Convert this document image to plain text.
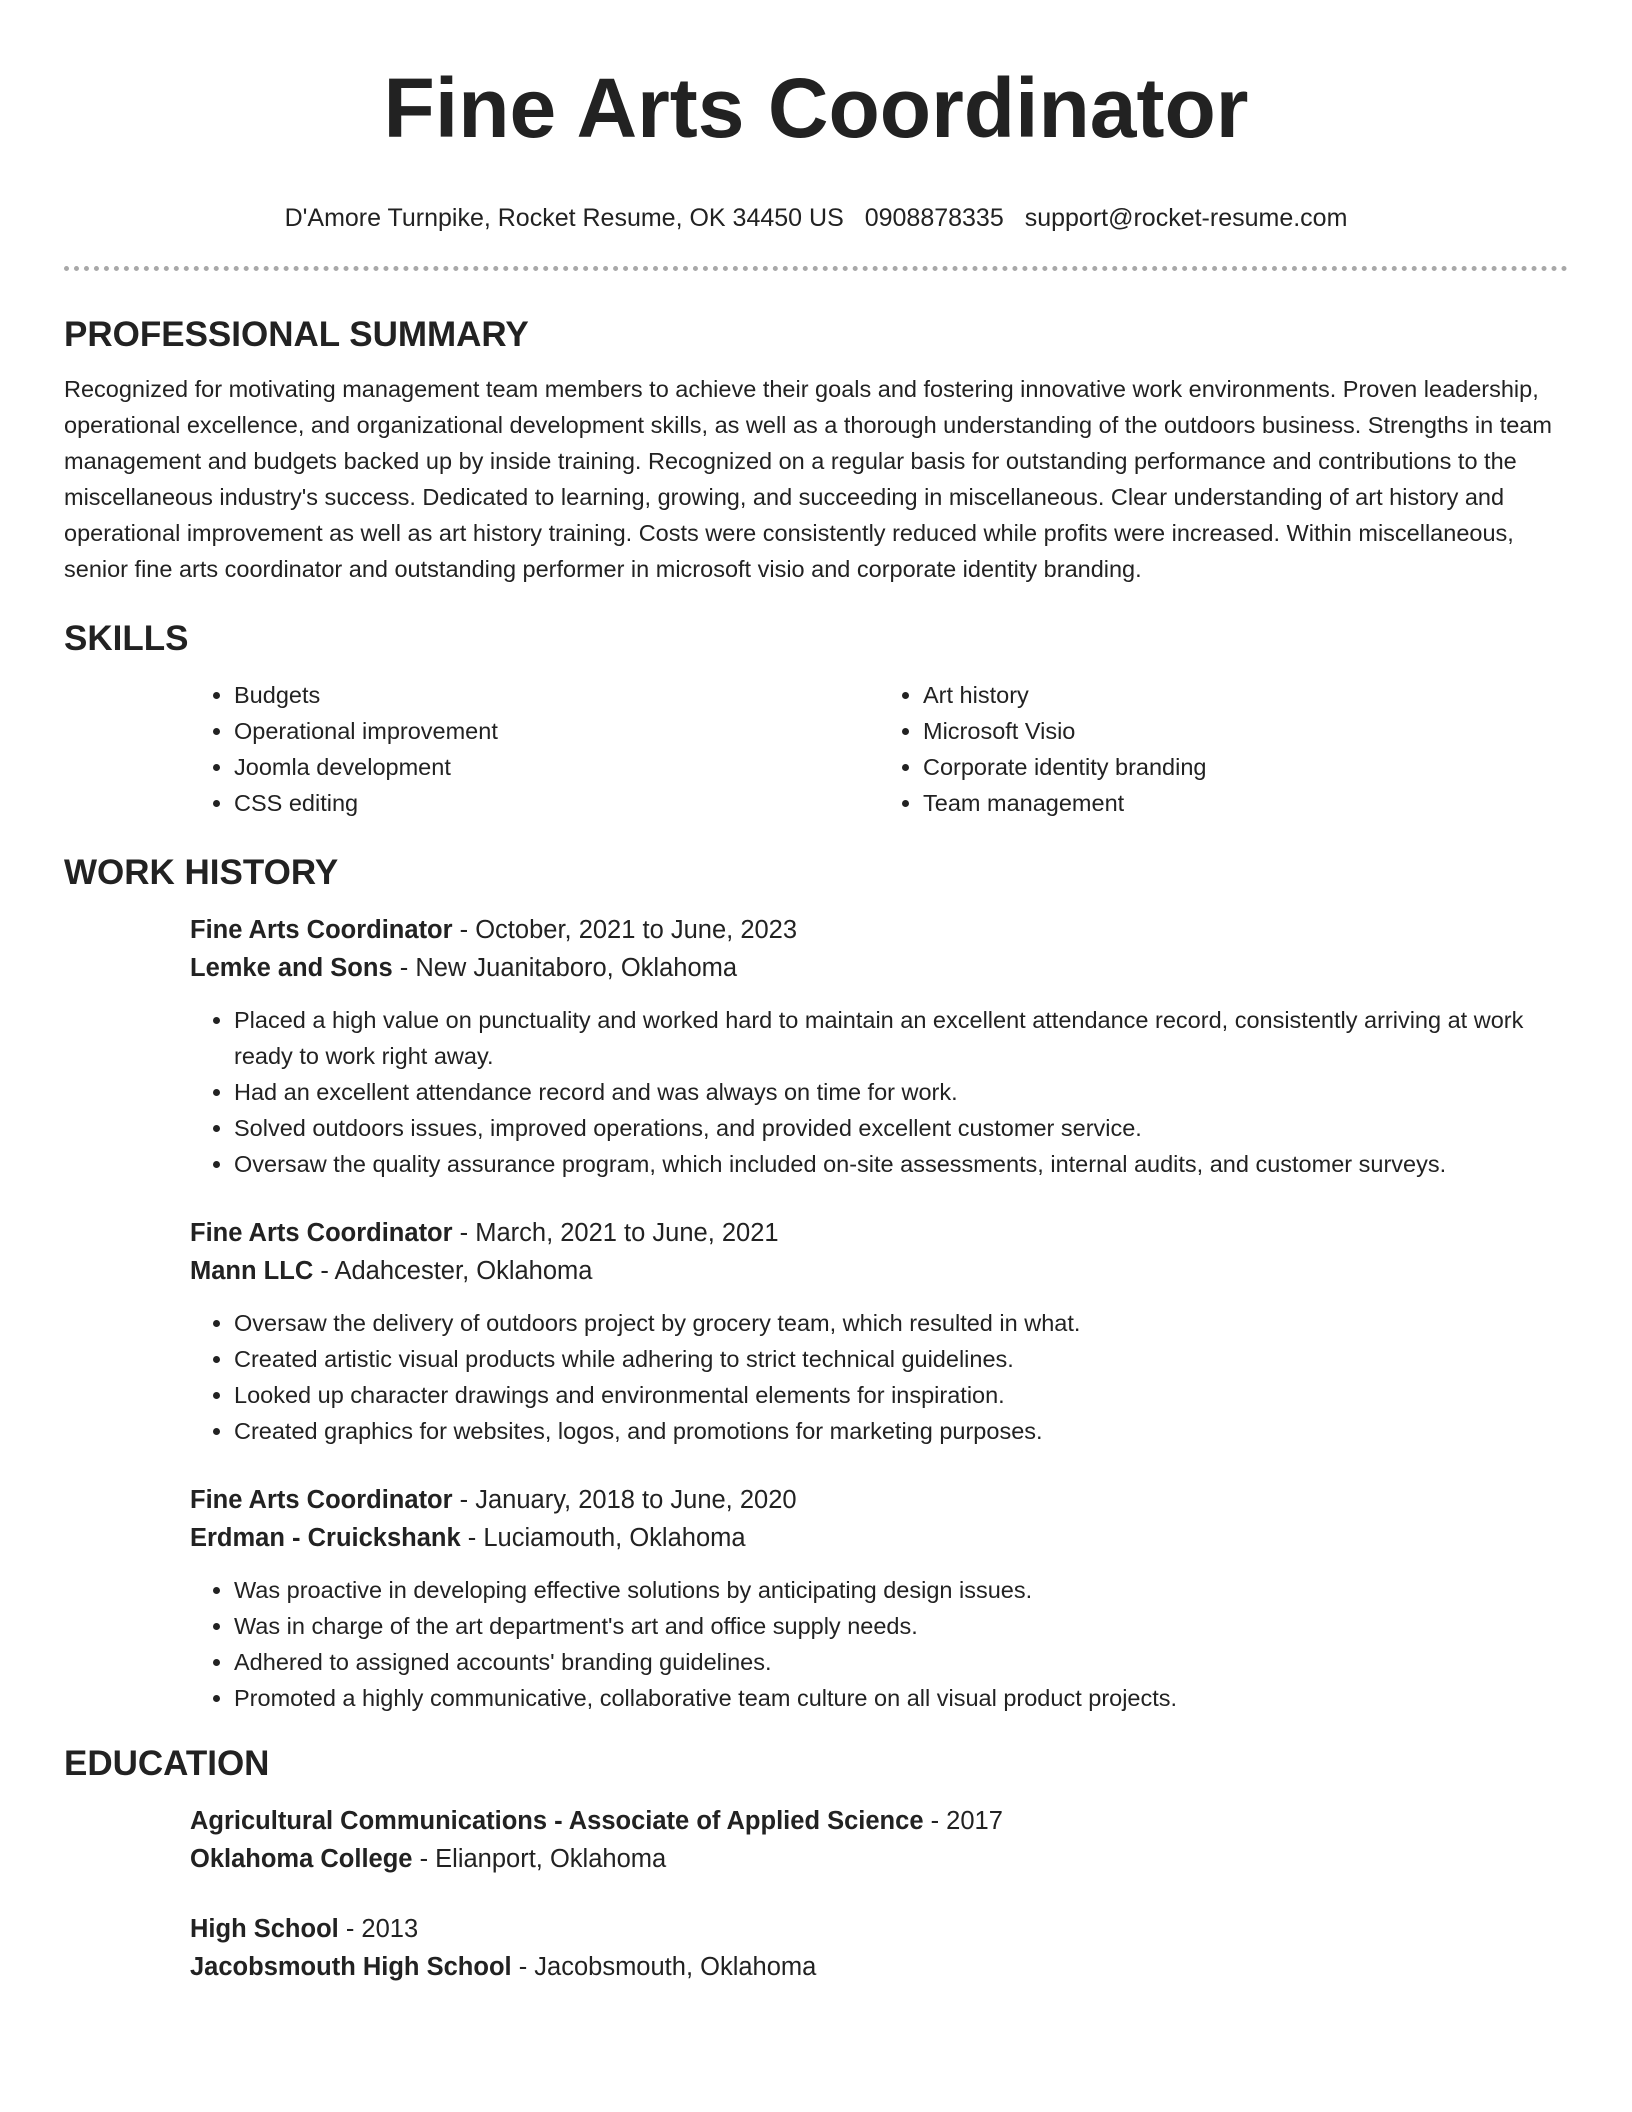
Fine Arts Coordinator
D'Amore Turnpike, Rocket Resume, OK 34450 US 0908878335 support@rocket-resume.com
PROFESSIONAL SUMMARY

Recognized for motivating management team members to achieve their goals and fostering innovative work environments. Proven leadership, operational excellence, and organizational development skills, as well as a thorough understanding of the outdoors business. Strengths in team management and budgets backed up by inside training. Recognized on a regular basis for outstanding performance and contributions to the miscellaneous industry's success. Dedicated to learning, growing, and succeeding in miscellaneous. Clear understanding of art history and operational improvement as well as art history training. Costs were consistently reduced while profits were increased. Within miscellaneous, senior fine arts coordinator and outstanding performer in microsoft visio and corporate identity branding.

SKILLS
• Budgets
• Operational improvement
• Joomla development
• CSS editing
• Art history
• Microsoft Visio
• Corporate identity branding
• Team management
WORK HISTORY
Fine Arts Coordinator - October, 2021 to June, 2023
Lemke and Sons - New Juanitaboro, Oklahoma
• Placed a high value on punctuality and worked hard to maintain an excellent attendance record, consistently arriving at work ready to work right away.
• Had an excellent attendance record and was always on time for work.
• Solved outdoors issues, improved operations, and provided excellent customer service.
• Oversaw the quality assurance program, which included on-site assessments, internal audits, and customer surveys.
Fine Arts Coordinator - March, 2021 to June, 2021
Mann LLC - Adahcester, Oklahoma
• Oversaw the delivery of outdoors project by grocery team, which resulted in what.
• Created artistic visual products while adhering to strict technical guidelines.
• Looked up character drawings and environmental elements for inspiration.
• Created graphics for websites, logos, and promotions for marketing purposes.
Fine Arts Coordinator - January, 2018 to June, 2020
Erdman - Cruickshank - Luciamouth, Oklahoma
• Was proactive in developing effective solutions by anticipating design issues.
• Was in charge of the art department's art and office supply needs.
• Adhered to assigned accounts' branding guidelines.
• Promoted a highly communicative, collaborative team culture on all visual product projects.
EDUCATION
Agricultural Communications - Associate of Applied Science - 2017
Oklahoma College - Elianport, Oklahoma
High School - 2013
Jacobsmouth High School - Jacobsmouth, Oklahoma
